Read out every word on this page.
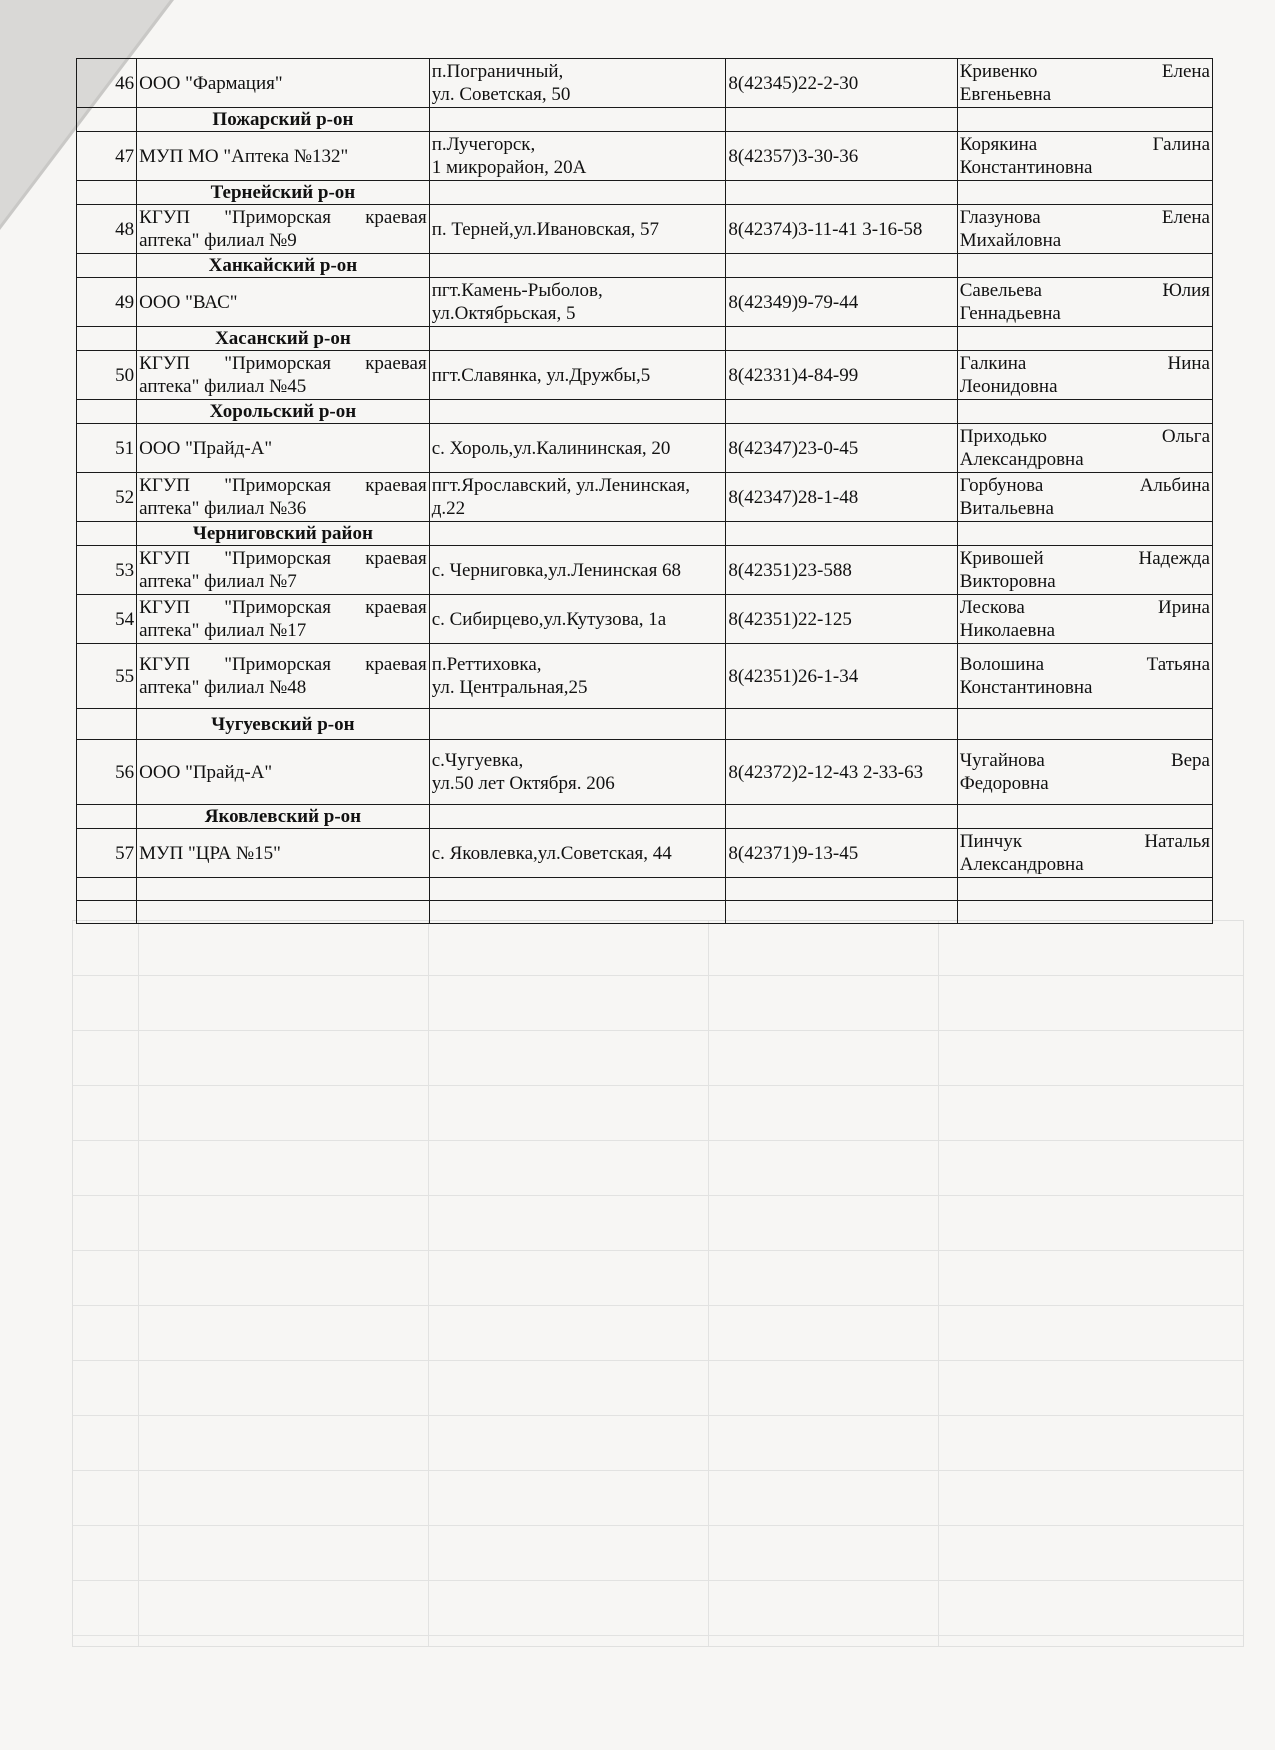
46	ООО "Фармация"	п.Пограничный,
ул. Советская, 50	8(42345)22-2-30	Кривенко Елена
Евгеньевна

	Пожарский р-он			
47	МУП МО "Аптека №132"	п.Лучегорск,
1 микрорайон, 20А	8(42357)3-30-36	Корякина Галина
Константиновна

	Тернейский р-он			
48	КГУП "Приморская краевая
аптека" филиал №9	п. Терней,ул.Ивановская, 57	8(42374)3-11-41 3-16-58	Глазунова Елена
Михайловна

	Ханкайский р-он			
49	ООО "ВАС"	пгт.Камень-Рыболов,
ул.Октябрьская, 5	8(42349)9-79-44	Савельева Юлия
Геннадьевна

	Хасанский р-он			
50	КГУП "Приморская краевая
аптека" филиал №45	пгт.Славянка, ул.Дружбы,5	8(42331)4-84-99	Галкина Нина
Леонидовна

	Хорольский р-он			
51	ООО "Прайд-А"	с. Хороль,ул.Калининская, 20	8(42347)23-0-45	Приходько Ольга
Александровна

52	КГУП "Приморская краевая
аптека" филиал №36	пгт.Ярославский, ул.Ленинская,
д.22	8(42347)28-1-48	Горбунова Альбина
Витальевна

	Черниговский район			
53	КГУП "Приморская краевая
аптека" филиал №7	с. Черниговка,ул.Ленинская 68	8(42351)23-588	Кривошей Надежда
Викторовна

54	КГУП "Приморская краевая
аптека" филиал №17	с. Сибирцево,ул.Кутузова, 1а	8(42351)22-125	Лескова Ирина
Николаевна

55	КГУП "Приморская краевая
аптека" филиал №48	п.Реттиховка,
ул. Центральная,25	8(42351)26-1-34	Волошина Татьяна
Константиновна

	Чугуевский р-он			
56	ООО "Прайд-А"	с.Чугуевка,
ул.50 лет Октября. 206	8(42372)2-12-43 2-33-63	Чугайнова Вера
Федоровна

	Яковлевский р-он			
57	МУП "ЦРА №15"	с. Яковлевка,ул.Советская, 44	8(42371)9-13-45	Пинчук Наталья
Александровна
